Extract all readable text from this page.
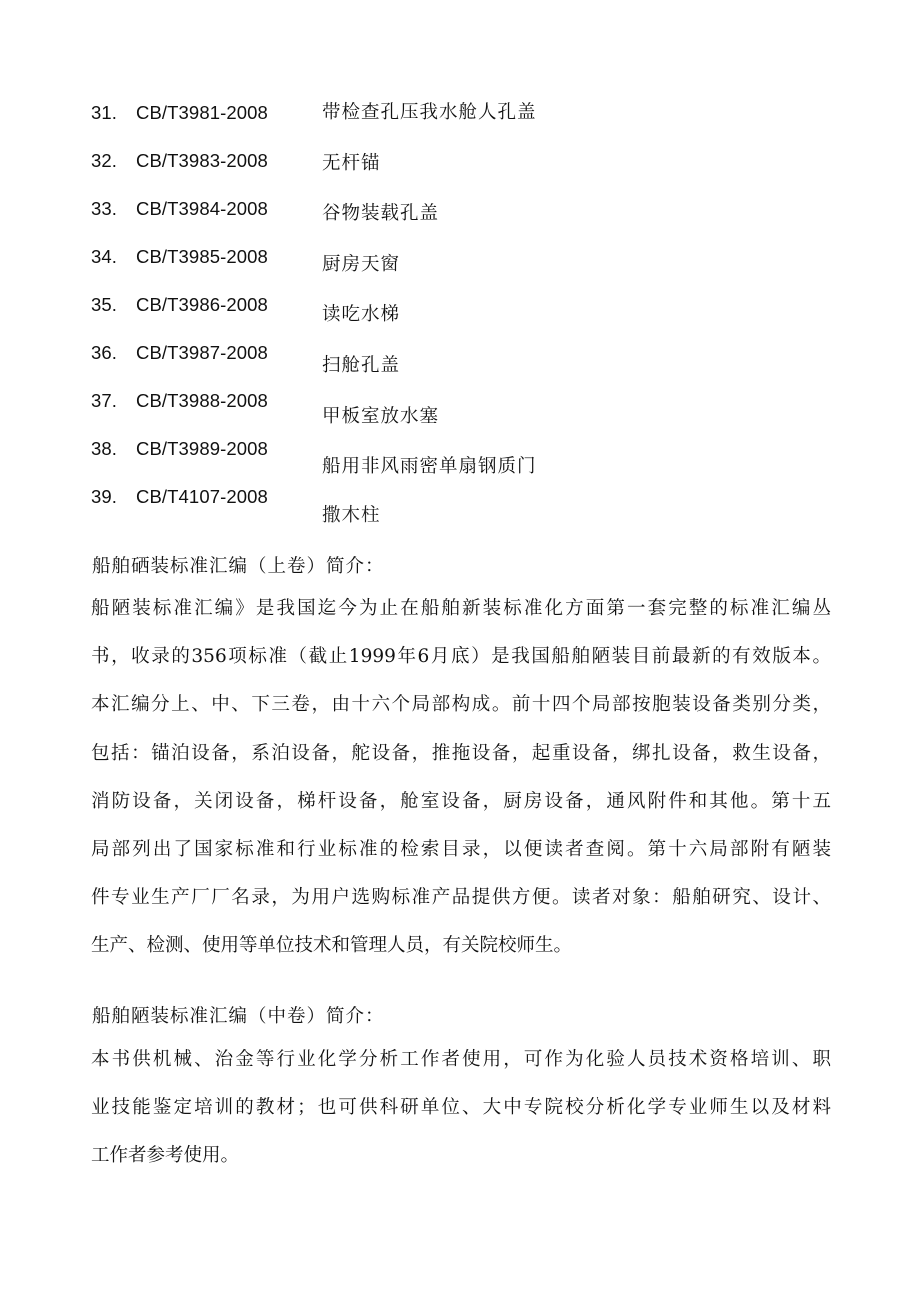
31. CB/T3981-2008
32. CB/T3983-2008
33. CB/T3984-2008
34. CB/T3985-2008
35. CB/T3986-2008
36. CB/T3987-2008
37. CB/T3988-2008
38. CB/T3989-2008
39. CB/T4107-2008
带检查孔压我水舱人孔盖
无杆锚
谷物装载孔盖
厨房天窗
读吃水梯
扫舱孔盖
甲板室放水塞
船用非风雨密单扇钢质门
撒木柱
船舶硒装标准汇编（上卷）简介：
船陋装标准汇编》是我国迄今为止在船舶新装标准化方面第一套完整的标准汇编丛
书，收录的356项标准（截止1999年6月底）是我国船舶陋装目前最新的有效版本。
本汇编分上、中、下三卷，由十六个局部构成。前十四个局部按胞装设备类别分类，
包括：锚泊设备，系泊设备，舵设备，推拖设备，起重设备，绑扎设备，救生设备，
消防设备，关闭设备，梯杆设备，舱室设备，厨房设备，通风附件和其他。第十五
局部列出了国家标准和行业标准的检索目录，以便读者查阅。第十六局部附有陋装
件专业生产厂厂名录，为用户选购标准产品提供方便。读者对象：船舶研究、设计、
生产、检测、使用等单位技术和管理人员，有关院校师生。
船舶陋装标准汇编（中卷）简介：
本书供机械、治金等行业化学分析工作者使用，可作为化验人员技术资格培训、职
业技能鉴定培训的教材；也可供科研单位、大中专院校分析化学专业师生以及材料
工作者参考使用。
